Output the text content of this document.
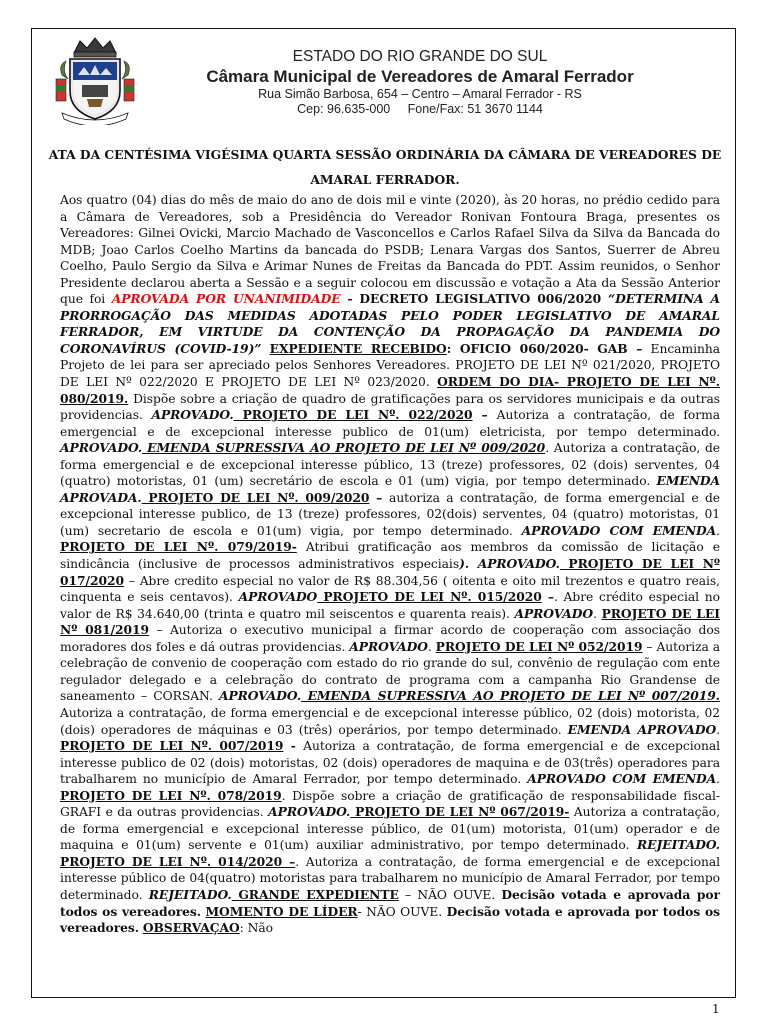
ESTADO DO RIO GRANDE DO SUL
Câmara Municipal de Vereadores de Amaral Ferrador
Rua Simão Barbosa, 654 – Centro – Amaral Ferrador - RS
Cep: 96.635-000     Fone/Fax: 51 3670 1144
ATA DA CENTÉSIMA VIGÉSIMA QUARTA SESSÃO ORDINÁRIA DA CÂMARA DE VEREADORES DE
AMARAL FERRADOR.

Aos quatro (04) dias do mês de maio do ano de dois mil e vinte (2020), às 20 horas, no prédio cedido para a Câmara de Vereadores, sob a Presidência do Vereador Ronivan Fontoura Braga, presentes os Vereadores: Gilnei Ovicki, Marcio Machado de Vasconcellos e Carlos Rafael Silva da Silva da Bancada do MDB; Joao Carlos Coelho Martins da bancada do PSDB; Lenara Vargas dos Santos, Suerrer de Abreu Coelho, Paulo Sergio da Silva e Arimar Nunes de Freitas da Bancada do PDT. Assim reunidos, o Senhor Presidente declarou aberta a Sessão e a seguir colocou em discussão e votação a Ata da Sessão Anterior que foi APROVADA POR UNANIMIDADE - DECRETO LEGISLATIVO 006/2020 “DETERMINA A PRORROGAÇÃO DAS MEDIDAS ADOTADAS PELO PODER LEGISLATIVO DE AMARAL FERRADOR, EM VIRTUDE DA CONTENÇÃO DA PROPAGAÇÃO DA PANDEMIA DO CORONAVÍRUS (COVID-19)” EXPEDIENTE RECEBIDO: OFICIO 060/2020- GAB – Encaminha Projeto de lei para ser apreciado pelos Senhores Vereadores. PROJETO DE LEI Nº 021/2020, PROJETO DE LEI Nº 022/2020 E PROJETO DE LEI Nº 023/2020. ORDEM DO DIA- PROJETO DE LEI Nº. 080/2019. Dispõe sobre a criação de quadro de gratificações para os servidores municipais e da outras providencias. APROVADO. PROJETO DE LEI Nº. 022/2020 – Autoriza a contratação, de forma emergencial e de excepcional interesse publico de 01(um) eletricista, por tempo determinado. APROVADO. EMENDA SUPRESSIVA AO PROJETO DE LEI Nº 009/2020. Autoriza a contratação, de forma emergencial e de excepcional interesse público, 13 (treze) professores, 02 (dois) serventes, 04 (quatro) motoristas, 01 (um) secretário de escola e 01 (um) vigia, por tempo determinado. EMENDA APROVADA. PROJETO DE LEI Nº. 009/2020 – autoriza a contratação, de forma emergencial e de excepcional interesse publico, de 13 (treze) professores, 02(dois) serventes, 04 (quatro) motoristas, 01 (um) secretario de escola e 01(um) vigia, por tempo determinado. APROVADO COM EMENDA. PROJETO DE LEI Nº. 079/2019- Atribui gratificação aos membros da comissão de licitação e sindicância (inclusive de processos administrativos especiais). APROVADO. PROJETO DE LEI Nº 017/2020 – Abre credito especial no valor de R$ 88.304,56 ( oitenta e oito mil trezentos e quatro reais, cinquenta e seis centavos). APROVADO PROJETO DE LEI Nº. 015/2020 –. Abre crédito especial no valor de R$ 34.640,00 (trinta e quatro mil seiscentos e quarenta reais). APROVADO. PROJETO DE LEI Nº 081/2019 – Autoriza o executivo municipal a firmar acordo de cooperação com associação dos moradores dos foles e dá outras providencias. APROVADO. PROJETO DE LEI Nº 052/2019 – Autoriza a celebração de convenio de cooperação com estado do rio grande do sul, convênio de regulação com ente regulador delegado e a celebração do contrato de programa com a campanha Rio Grandense de saneamento – CORSAN. APROVADO. EMENDA SUPRESSIVA AO PROJETO DE LEI Nº 007/2019. Autoriza a contratação, de forma emergencial e de excepcional interesse público, 02 (dois) motorista, 02 (dois) operadores de máquinas e 03 (três) operários, por tempo determinado. EMENDA APROVADO. PROJETO DE LEI Nº. 007/2019 - Autoriza a contratação, de forma emergencial e de excepcional interesse publico de 02 (dois) motoristas, 02 (dois) operadores de maquina e de 03(três) operadores para trabalharem no município de Amaral Ferrador, por tempo determinado. APROVADO COM EMENDA. PROJETO DE LEI Nº. 078/2019. Dispõe sobre a criação de gratificação de responsabilidade fiscal- GRAFI e da outras providencias. APROVADO. PROJETO DE LEI Nº 067/2019- Autoriza a contratação, de forma emergencial e excepcional interesse público, de 01(um) motorista, 01(um) operador e de maquina e 01(um) servente e 01(um) auxiliar administrativo, por tempo determinado. REJEITADO. PROJETO DE LEI Nº. 014/2020 –. Autoriza a contratação, de forma emergencial e de excepcional interesse público de 04(quatro) motoristas para trabalharem no município de Amaral Ferrador, por tempo determinado. REJEITADO. GRANDE EXPEDIENTE – NÃO OUVE. Decisão votada e aprovada por todos os vereadores. MOMENTO DE LÍDER- NÃO OUVE. Decisão votada e aprovada por todos os vereadores. OBSERVAÇAO: Não

1
